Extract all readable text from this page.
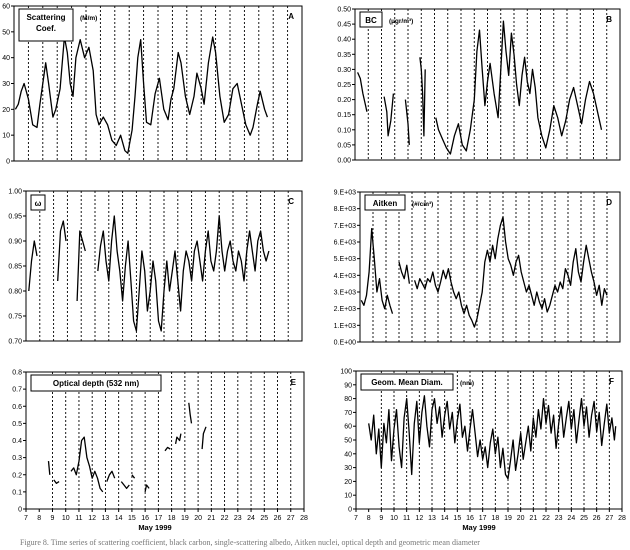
0
10
20
30
40
50
60
Scattering
Coef.
(M/m)	A
0.00
0.05
0.10
0.15
0.20
0.25
0.30
0.35
0.40
0.45
0.50
BC (µgr/m³)	B
0.70
0.75
0.80
0.85
0.90
0.95
1.00
ω	C
0.E+00
1.E+03
2.E+03
3.E+03
4.E+03
5.E+03
6.E+03
7.E+03
8.E+03
9.E+03
Aitken (#/cm³)	D
0
0.1
0.2
0.3
0.4
0.5
0.6
0.7
0.8
7 8 9 10 11 12 13 14 15 16 17 18 19 20 21 22 23 24 25 26 27 28
May 1999
Optical depth (532 nm)	E
0
10
20
30
40
50
60
70
80
90
100
7 8 9 10 11 12 13 14 15 16 17 18 19 20 21 22 23 24 25 26 27 28
May 1999
Geom. Mean Diam.	(nm)	F
Figure 8. Time series of scattering coefficient, black carbon, single-scattering albedo, Aitken nuclei, optical depth and geometric mean diameter
